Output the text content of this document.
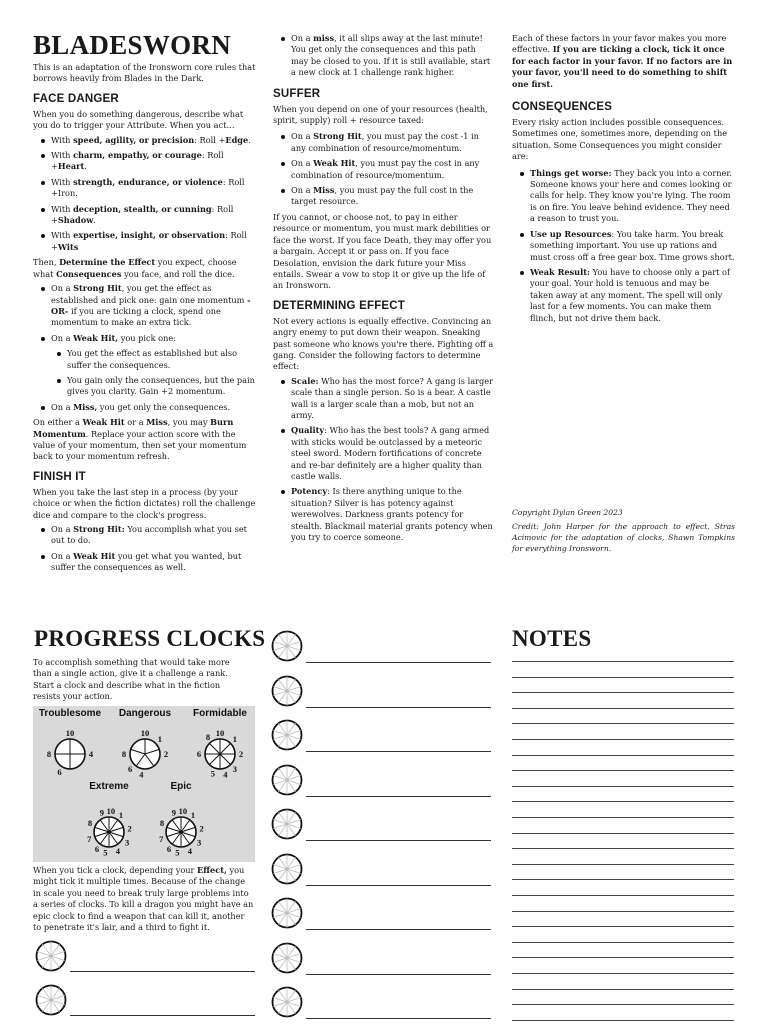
BLADESWORN

This is an adaptation of the Ironsworn core rules that borrows heavily from Blades in the Dark.

FACE DANGER

When you do something dangerous, describe what you do to trigger your Attribute. When you act…

With speed, agility, or precision: Roll +Edge.
With charm, empathy, or courage: Roll +Heart.
With strength, endurance, or violence: Roll +Iron.
With deception, stealth, or cunning: Roll +Shadow.
With expertise, insight, or observation: Roll +Wits

Then, Determine the Effect you expect, choose what Consequences you face, and roll the dice.

On a Strong Hit, you get the effect as established and pick one: gain one momentum -OR- if you are ticking a clock, spend one momentum to make an extra tick.
On a Weak Hit, you pick one:
You get the effect as established but also suffer the consequences.
You gain only the consequences, but the pain gives you clarity. Gain +2 momentum.
On a Miss, you get only the consequences.

On either a Weak Hit or a Miss, you may Burn Momentum. Replace your action score with the value of your momentum, then set your momentum back to your momentum refresh.

FINISH IT

When you take the last step in a process (by your choice or when the fiction dictates) roll the challenge dice and compare to the clock's progress.

On a Strong Hit: You accomplish what you set out to do.
On a Weak Hit you get what you wanted, but suffer the consequences as well.
On a miss, it all slips away at the last minute! You get only the consequences and this path may be closed to you. If it is still available, start a new clock at 1 challenge rank higher.
SUFFER

When you depend on one of your resources (health, spirit, supply) roll + resource taxed:

On a Strong Hit, you must pay the cost -1 in any combination of resource/momentum.
On a Weak Hit, you must pay the cost in any combination of resource/momentum.
On a Miss, you must pay the full cost in the target resource.

If you cannot, or choose not, to pay in either resource or momentum, you must mark debilities or face the worst. If you face Death, they may offer you a bargain. Accept it or pass on. If you face Desolation, envision the dark future your Miss entails. Swear a vow to stop it or give up the life of an Ironsworn.

DETERMINING EFFECT

Not every actions is equally effective. Convincing an angry enemy to put down their weapon. Sneaking past someone who knows you're there. Fighting off a gang. Consider the following factors to determine effect:

Scale: Who has the most force? A gang is larger scale than a single person. So is a bear. A castle wall is a larger scale than a mob, but not an army.
Quality: Who has the best tools? A gang armed with sticks would be outclassed by a meteoric steel sword. Modern fortifications of concrete and re-bar definitely are a higher quality than castle walls.
Potency: Is there anything unique to the situation? Silver is has potency against werewolves. Darkness grants potency for stealth. Blackmail material grants potency when you try to coerce someone.

Each of these factors in your favor makes you more effective. If you are ticking a clock, tick it once for each factor in your favor. If no factors are in your favor, you'll need to do something to shift one first.

CONSEQUENCES

Every risky action includes possible consequences. Sometimes one, sometimes more, depending on the situation. Some Consequences you might consider are:

Things get worse: They back you into a corner. Someone knows your here and comes looking or calls for help. They know you're lying. The room is on fire. You leave behind evidence. They need a reason to trust you.
Use up Resources: You take harm. You break something important. You use up rations and must cross off a free gear box. Time grows short.
Weak Result: You have to choose only a part of your goal. Your hold is tenuous and may be taken away at any moment. The spell will only last for a few moments. You can make them flinch, but not drive them back.
Copyright Dylan Green 2023
Credit: John Harper for the approach to effect, Stras Acimovic for the adaptation of clocks, Shawn Tompkins for everything Ironsworn.
PROGRESS CLOCKS
To accomplish something that would take more than a single action, give it a challenge a rank. Start a clock and describe what in the fiction resists your action.
Troublesome
10
4
6
8
Dangerous
10
1
2
4
6
8
Formidable
8 10
1
2
3
4
5
6
Extreme
9 10 1
2
3
4
5
6
7
8
Epic
9 10 1
2
3
4
5
6
7
8
When you tick a clock, depending your Effect, you might tick it multiple times. Because of the change in scale you need to break truly large problems into a series of clocks. To kill a dragon you might have an epic clock to find a weapon that can kill it, another to penetrate it's lair, and a third to fight it.
NOTES
